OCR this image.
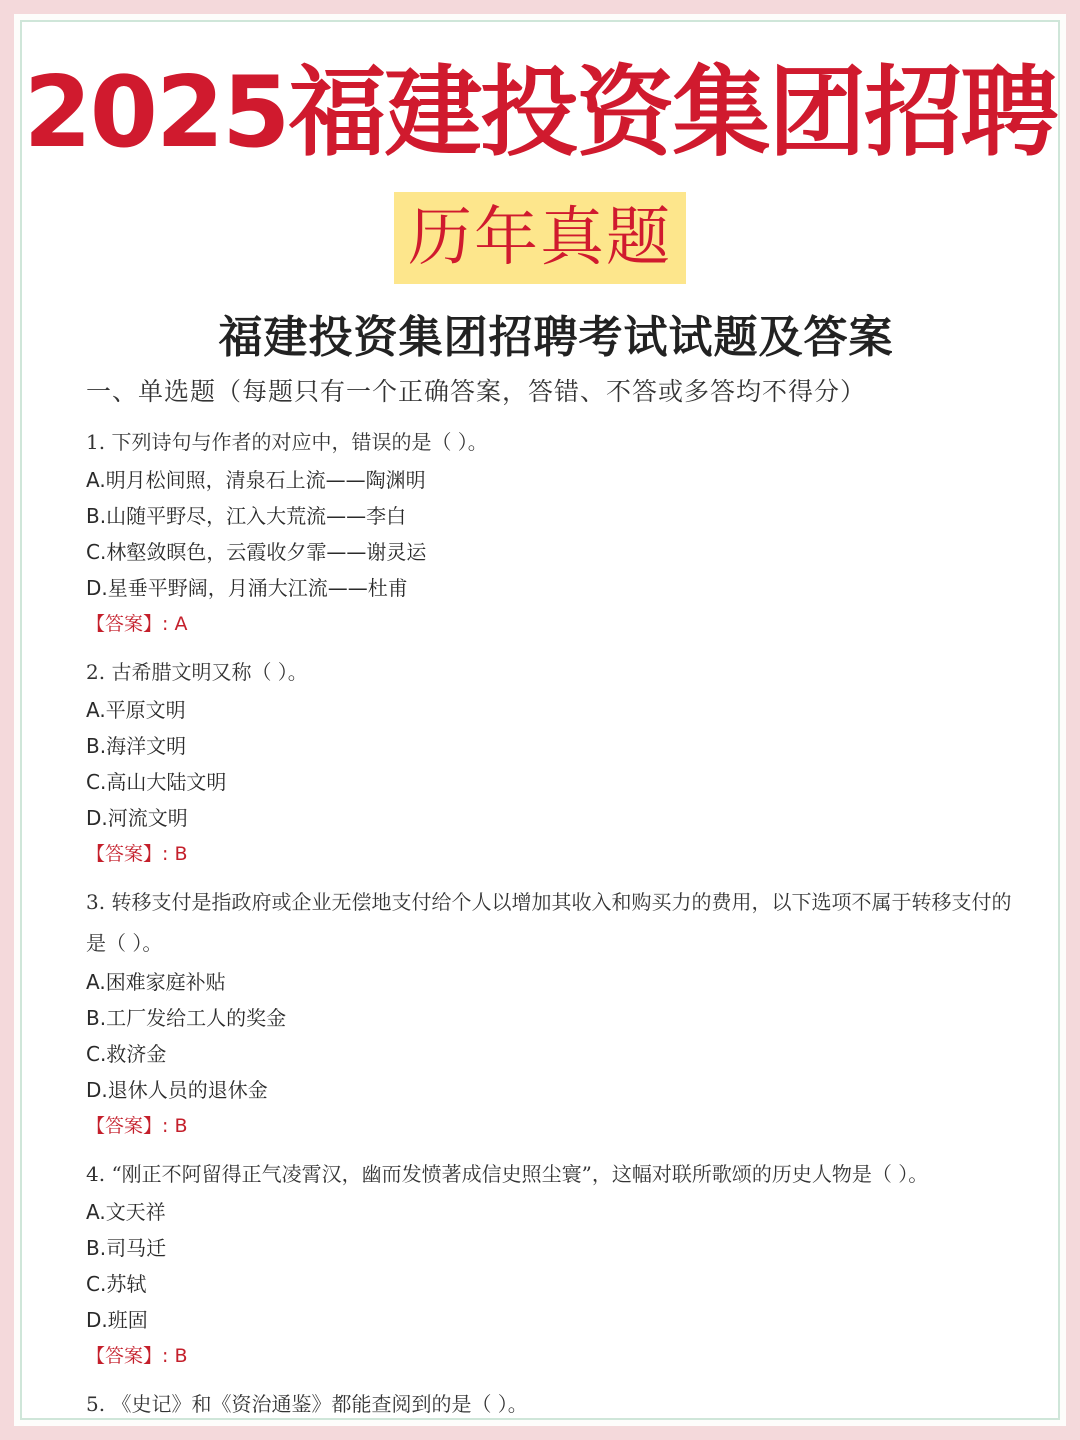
2025福建投资集团招聘
历年真题
福建投资集团招聘考试试题及答案
一、单选题（每题只有一个正确答案，答错、不答或多答均不得分）

1. 下列诗句与作者的对应中，错误的是（ ）。

A.明月松间照，清泉石上流——陶渊明

B.山随平野尽，江入大荒流——李白

C.林壑敛暝色，云霞收夕霏——谢灵运

D.星垂平野阔，月涌大江流——杜甫

【答案】: A

2. 古希腊文明又称（ ）。

A.平原文明

B.海洋文明

C.高山大陆文明

D.河流文明

【答案】: B

3. 转移支付是指政府或企业无偿地支付给个人以增加其收入和购买力的费用，以下选项不属于转移支付的是（ ）。

A.困难家庭补贴

B.工厂发给工人的奖金

C.救济金

D.退休人员的退休金

【答案】: B

4. “刚正不阿留得正气凌霄汉，幽而发愤著成信史照尘寰”，这幅对联所歌颂的历史人物是（ ）。

A.文天祥

B.司马迁

C.苏轼

D.班固

【答案】: B

5. 《史记》和《资治通鉴》都能查阅到的是（ ）。
